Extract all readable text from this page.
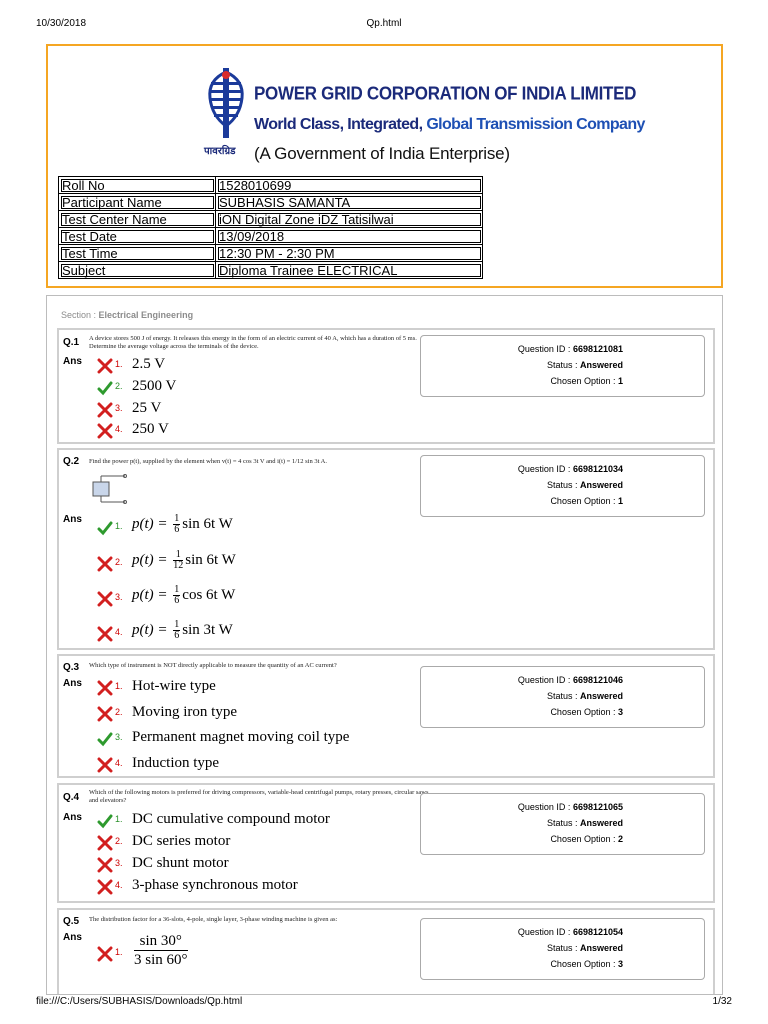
10/30/2018	Qp.html
पावरग्रिड
POWER GRID CORPORATION OF INDIA LIMITED
World Class, Integrated, Global Transmission Company
(A Government of India Enterprise)
Roll No	1528010699
Participant Name	SUBHASIS SAMANTA
Test Center Name	iON Digital Zone iDZ Tatisilwai
Test Date	13/09/2018
Test Time	12:30 PM - 2:30 PM
Subject	Diploma Trainee ELECTRICAL
Section : Electrical Engineering
Q.1 A device stores 500 J of energy. It releases this energy in the form of an electric current of 40 A, which has a duration of 5 ms. Determine the average voltage across the terminals of the device.
Ans
Question ID : 6698121081
Status : Answered
Chosen Option : 1
1. 2.5 V
2. 2500 V
3. 25 V
4. 250 V
Q.2 Find the power p(t), supplied by the element when v(t) = 4 cos 3t V and i(t) = 1/12 sin 3t A.
Ans
Question ID : 6698121034
Status : Answered
Chosen Option : 1
1. $p(t) = \frac{1}{6}$ sin 6t W
2. $p(t) = \frac{1}{12}$ sin 6t W
3. $p(t) = \frac{1}{6}$ cos 6t W
4. $p(t) = \frac{1}{6}$ sin 3t W
Q.3 Which type of instrument is NOT directly applicable to measure the quantity of an AC current?
Ans	Question ID : 6698121046
Status : Answered
Chosen Option : 3
1. Hot-wire type
2. Moving iron type
3. Permanent magnet moving coil type
4. Induction type
Q.4 Which of the following motors is preferred for driving compressors, variable-head centrifugal pumps, rotary presses, circular saws and elevators?
Ans
Question ID : 6698121065
Status : Answered
Chosen Option : 2
1. DC cumulative compound motor
2. DC series motor
3. DC shunt motor
4. 3-phase synchronous motor
Q.5 The distribution factor for a 36-slots, 4-pole, single layer, 3-phase winding machine is given as:
Ans	Question ID : 6698121054
Status : Answered
Chosen Option : 3
1. $\frac{\sin 30^\circ}{3 \sin 60^\circ}$
file:///C:/Users/SUBHASIS/Downloads/Qp.html	1/32
